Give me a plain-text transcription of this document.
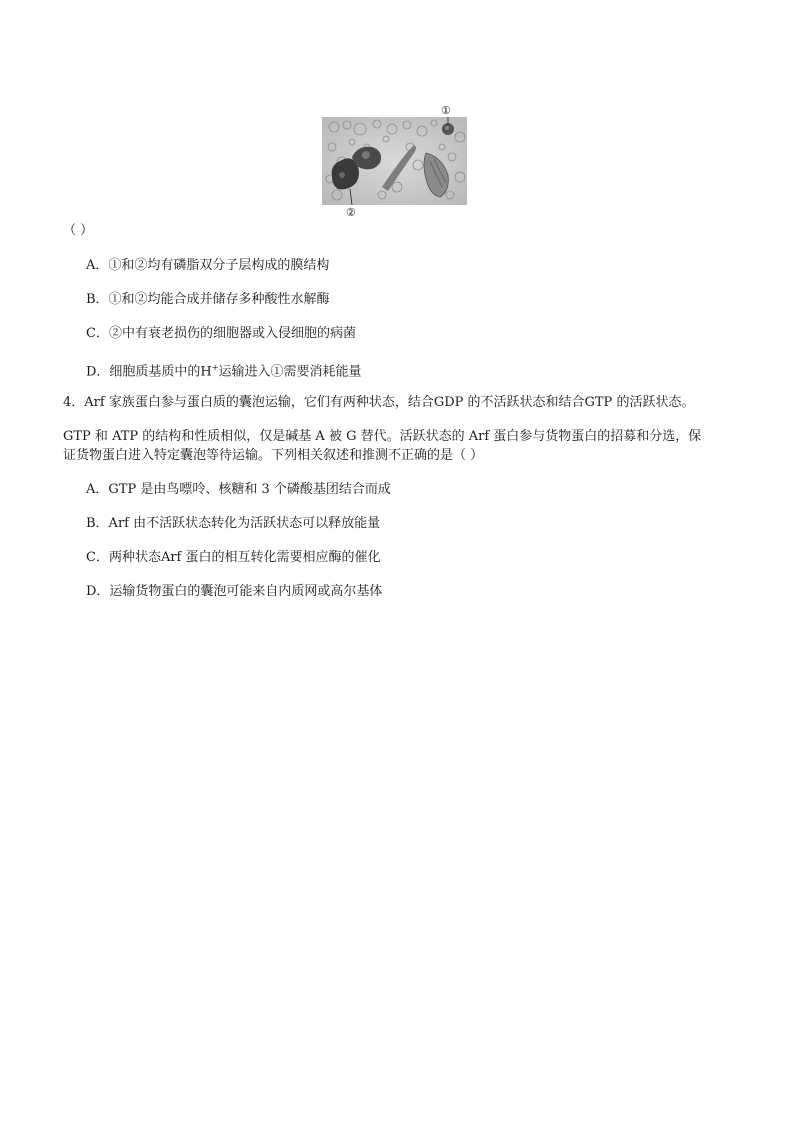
①
②
（ ）
A．①和②均有磷脂双分子层构成的膜结构
B．①和②均能合成并储存多种酸性水解酶
C．②中有衰老损伤的细胞器或入侵细胞的病菌
D．细胞质基质中的H+运输进入①需要消耗能量
4．Arf 家族蛋白参与蛋白质的囊泡运输，它们有两种状态，结合GDP 的不活跃状态和结合GTP 的活跃状态。
GTP 和 ATP 的结构和性质相似，仅是碱基 A 被 G 替代。活跃状态的 Arf 蛋白参与货物蛋白的招募和分选，保
证货物蛋白进入特定囊泡等待运输。下列相关叙述和推测不正确的是（ ）
A．GTP 是由鸟嘌呤、核糖和 3 个磷酸基团结合而成
B．Arf 由不活跃状态转化为活跃状态可以释放能量
C．两种状态Arf 蛋白的相互转化需要相应酶的催化
D．运输货物蛋白的囊泡可能来自内质网或高尔基体
